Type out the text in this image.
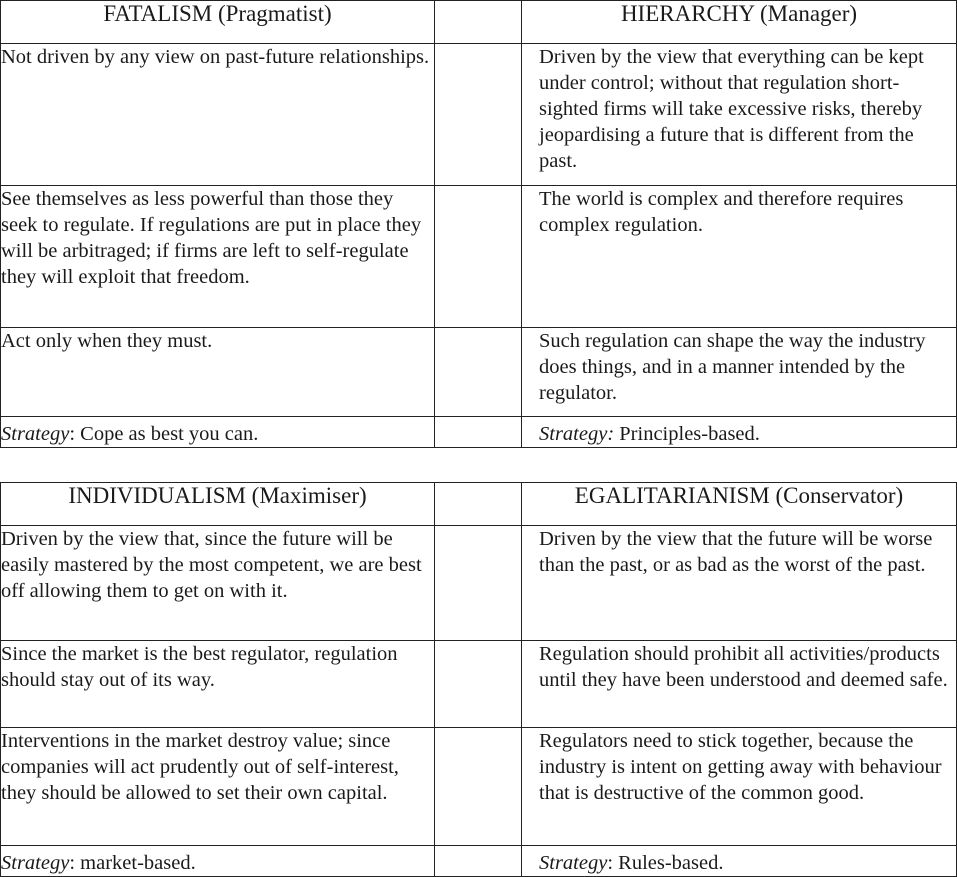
FATALISM (Pragmatist)		HIERARCHY (Manager)
Not driven by any view on past-future relationships.		Driven by the view that everything can be kept under control; without that regulation short-sighted firms will take excessive risks, thereby jeopardising a future that is different from the past.
See themselves as less powerful than those they seek to regulate. If regulations are put in place they will be arbitraged; if firms are left to self-regulate they will exploit that freedom.		The world is complex and therefore requires complex regulation.
Act only when they must.		Such regulation can shape the way the industry does things, and in a manner intended by the regulator.
Strategy: Cope as best you can.		Strategy: Principles-based.
INDIVIDUALISM (Maximiser)		EGALITARIANISM (Conservator)
Driven by the view that, since the future will be easily mastered by the most competent, we are best off allowing them to get on with it.		Driven by the view that the future will be worse than the past, or as bad as the worst of the past.
Since the market is the best regulator, regulation should stay out of its way.		Regulation should prohibit all activities/products until they have been understood and deemed safe.
Interventions in the market destroy value; since companies will act prudently out of self-interest, they should be allowed to set their own capital.		Regulators need to stick together, because the industry is intent on getting away with behaviour that is destructive of the common good.
Strategy: market-based.		Strategy: Rules-based.
